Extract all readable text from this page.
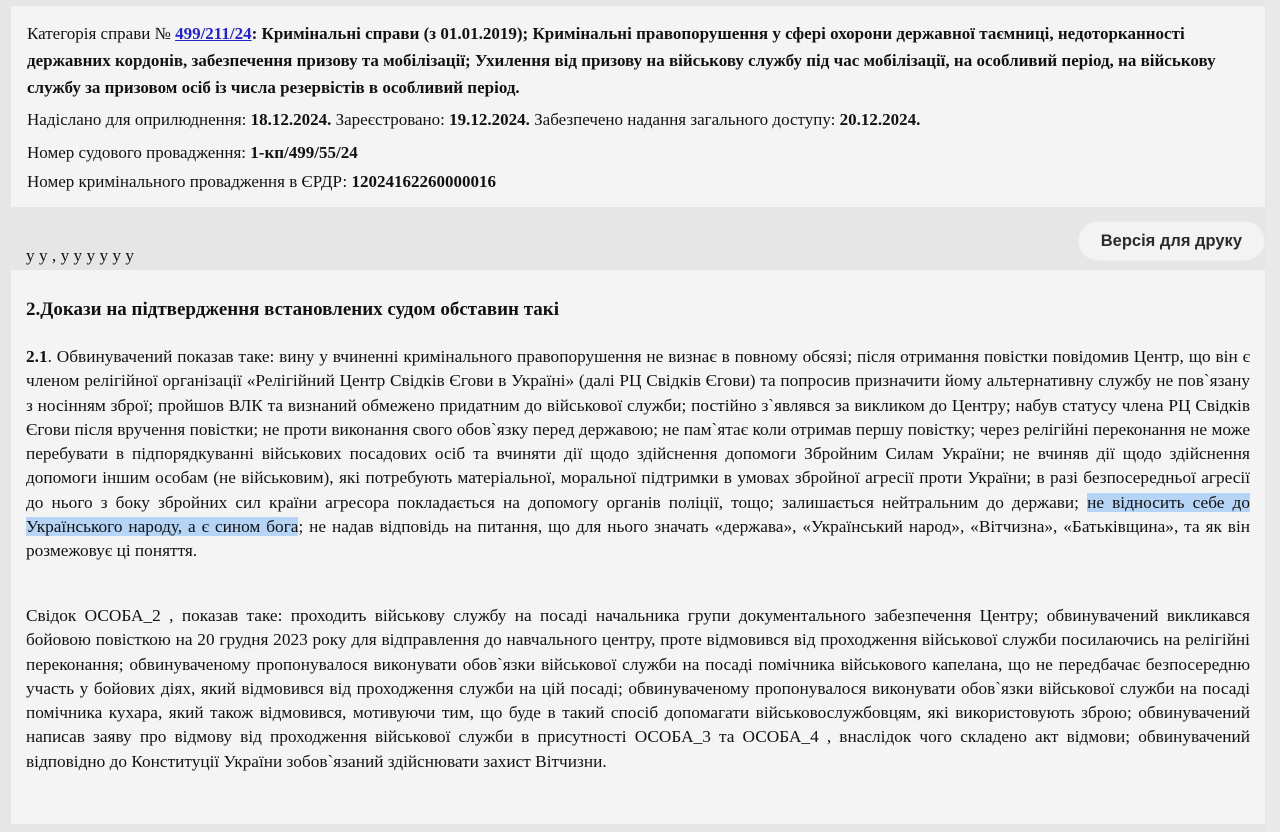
Категорія справи № 499/211/24: Кримінальні справи (з 01.01.2019); Кримінальні правопорушення у сфері охорони державної таємниці, недоторканності державних кордонів, забезпечення призову та мобілізації; Ухилення від призову на військову службу під час мобілізації, на особливий період, на військову службу за призовом осіб із числа резервістів в особливий період.

Надіслано для оприлюднення: 18.12.2024. Зареєстровано: 19.12.2024. Забезпечено надання загального доступу: 20.12.2024.

Номер судового провадження: 1-кп/499/55/24

Номер кримінального провадження в ЄРДР: 12024162260000016

Версія для друку
у у , у у у у у у
2.Докази на підтвердження встановлених судом обставин такі

2.1. Обвинувачений показав таке: вину у вчиненні кримінального правопорушення не визнає в повному обсязі; після отримання повістки повідомив Центр, що він є членом релігійної організації «Релігійний Центр Свідків Єгови в Україні» (далі РЦ Свідків Єгови) та попросив призначити йому альтернативну службу не пов`язану з носінням зброї; пройшов ВЛК та визнаний обмежено придатним до військової служби; постійно з`являвся за викликом до Центру; набув статусу члена РЦ Свідків Єгови після вручення повістки; не проти виконання свого обов`язку перед державою; не пам`ятає коли отримав першу повістку; через релігійні переконання не може перебувати в підпорядкуванні військових посадових осіб та вчиняти дії щодо здійснення допомоги Збройним Силам України; не вчиняв дії щодо здійснення допомоги іншим особам (не військовим), які потребують матеріальної, моральної підтримки в умовах збройної агресії проти України; в разі безпосередньої агресії до нього з боку збройних сил країни агресора покладається на допомогу органів поліції, тощо; залишається нейтральним до держави; не відносить себе до Українського народу, а є сином бога; не надав відповідь на питання, що для нього значать «держава», «Український народ», «Вітчизна», «Батьківщина», та як він розмежовує ці поняття.

Свідок ОСОБА_2 , показав таке: проходить військову службу на посаді начальника групи документального забезпечення Центру; обвинувачений викликався бойовою повісткою на 20 грудня 2023 року для відправлення до навчального центру, проте відмовився від проходження військової служби посилаючись на релігійні переконання; обвинуваченому пропонувалося виконувати обов`язки військової служби на посаді помічника військового капелана, що не передбачає безпосередню участь у бойових діях, який відмовився від проходження служби на цій посаді; обвинуваченому пропонувалося виконувати обов`язки військової служби на посаді помічника кухара, який також відмовився, мотивуючи тим, що буде в такий спосіб допомагати військовослужбовцям, які використовують зброю; обвинувачений написав заяву про відмову від проходження військової служби в присутності ОСОБА_3 та ОСОБА_4 , внаслідок чого складено акт відмови; обвинувачений відповідно до Конституції України зобов`язаний здійснювати захист Вітчизни.
